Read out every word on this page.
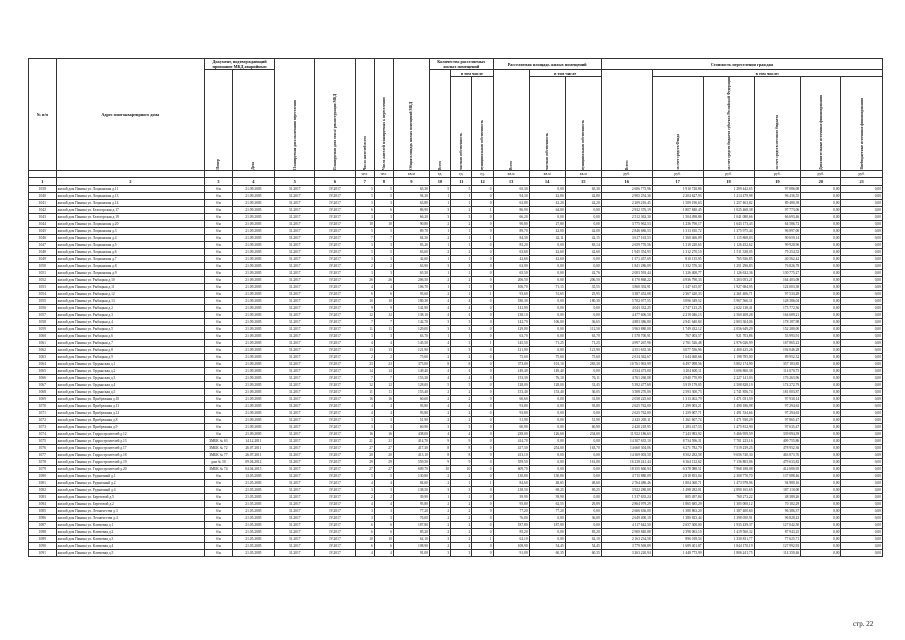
№ п/п	Адрес многоквартирного дома	Документ, подтверждающий признание МКД аварийным		Планируемая дата окончания переселения	Планируемая дата сноса/ реконструкции МКД	Число жителей всего	Число жителей планируемых к переселению	Общая площадь жилых помещений МКД	Количество расселяемых жилых помещений			Расселяемая площадь жилых помещений			Стоимость переселения граждан					

		Номер	Дата						Всего	в том числе		Всего	в том числе		Всего:	в том числе:				

										частная собственность	муниципальная собственность		частная собственность	муниципальная собственность		за счет средств Фонда	за счет средств бюджета субъекта Российской Федерации	за счет средств местного бюджета	Дополнительные источники финансирования	Внебюджетные источники финансирования

						чел.	чел.	кв.м	ед.	ед.	ед.	кв.м	кв.м	кв.м	руб.	руб.	руб.	руб.	руб.	руб.
1	2	3	4	5	6	7	8	9	10	11	12	13	14	15	16	17	18	19	20	21
1039	жилой дом Панина ул. Лоцманская д.11	б/н	21.09.2005	31.2017	IV.2017	5	5	65,30	5	5	0	65,30	0,00	65,30	2 606 775,96	1 910 720,86	1 209 442,65	97 086,08	0,00	0,00
1040	жилой дом Панина ул. Лоцманская д.13	б/н	21.09.2005	31.2017	IV.2017	5	5	94,30	1	1	0	94,30	42,80	42,80	2 905 254,36	2 204 627,93	1 214 479,98	96 436,55	0,00	0,00
1041	жилой дом Панина ул. Лоцманская д.14	б/н	21.09.2005	31.2017	IV.2017	3	3	63,80	1	1	0	63,80	42,20	42,20	2 209 216,45	1 509 190,63	1 257 463,82	89 480,39	0,00	0,00
1042	жилой дом Панина ул. Белогорская д.17	б/н	21.09.2005	31.2017	IV.2017	6	6	86,90	3	2	1	86,90	64,00	0,00	2 932 376,19	1 807 840,45	1 025 468,38	97 773,06	0,00	0,00
1043	жилой дом Панина ул. Белогорская д.19	б/н	21.09.2005	31.2017	IV.2017	3	3	66,20	3	3	0	66,20	0,00	0,00	2 512 363,30	1 504 498,86	1 041 080,66	66 693,46	0,00	0,00
1044	жилой дом Панина ул. Лоцманская д.20	б/н	21.09.2005	31.2017	IV.2017	10	10	90,80	2	2	0	90,80	27,80	0,00	3 775 962,53	1 236 790,17	1 643 173,43	64 586,72	0,00	0,00
1045	жилой дом Панина ул. Лоцманская д.3	б/н	21.09.2005	31.2017	IV.2017	5	5	89,70	1	1	0	89,70	42,00	42,00	2 846 686,53	1 313 810,72	1 375 975,44	96 897,00	0,00	0,00
1046	жилой дом Панина ул. Лоцманская д.4	б/н	21.09.2005	31.2017	IV.2017	7	7	84,30	2	1	1	84,30	42,11	42,15	3 617 163,53	1 360 466,09	1 115 868,03	90 659,14	0,00	0,00
1047	жилой дом Панина ул. Лоцманская д.5	б/н	21.09.2005	31.2017	IV.2017	3	3	83,20	1	1	0	83,20	0,00	83,14	2 659 770,56	1 310 220,65	1 126 452,62	99 920,96	0,00	0,00
1048	жилой дом Панина ул. Лоцманская д.6	б/н	21.09.2005	31.2017	IV.2017	5	5	63,60	2	2	0	63,60	42,60	42,60	1 945 354,93	1 312 270,10	1 511 338,05	79 254,52	0,00	0,00
1049	жилой дом Панина ул. Лоцманская д.7	б/н	21.09.2005	31.2017	IV.2017	3	3	42,60	1	1	0	42,60	42,60	0,00	1 371 457,69	810 135,95	765 926,85	40 562,42	0,00	0,00
1050	жилой дом Панина ул. Лоцманская д.8	б/н	21.09.2005	31.2017	IV.2017	2	2	63,90	3	3	0	63,90	0,00	0,00	1 841 286,09	1 332 576,34	1 251 296,83	76 826,78	0,00	0,00
1051	жилой дом Панина ул. Лоцманская д.9	б/н	21.09.2005	31.2017	IV.2017	3	3	65,50	1	1	0	65,50	0,00	42,76	2 003 593,44	1 326 400,77	1 126 632,36	130 775,27	0,00	0,00
1052	жилой дом Панина ул. Рыбацкая д.10	б/н	21.09.2005	31.2017	IV.2017	26	26	206,50	2	2	0	206,50	0,00	206,50	6 170 868,22	4 936 790,33	3 203 053,21	164 403,08	0,00	0,00
1053	жилой дом Панина ул. Рыбацкая д.11	б/н	21.09.2005	31.2017	IV.2017	4	4	106,70	1	1	0	106,70	71,15	35,55	3 860 392,91	1 547 615,07	1 927 684,95	124 003,38	0,00	0,00
1054	жилой дом Панина ул. Рыбацкая д.12	б/н	21.09.2005	31.2017	IV.2017	6	6	93,60	2	1	1	93,60	51,65	25,95	3 387 452,08	2 367 420,33	2 261 406,71	97 533,28	0,00	0,00
1055	жилой дом Панина ул. Рыбацкая д.13	б/н	21.09.2005	31.2017	IV.2017	10	10	180,30	4	4	0	180,30	0,00	180,30	5 702 077,55	3 096 349,52	3 967 566,31	128 386,04	0,00	0,00
1056	жилой дом Панина ул. Рыбацкая д.2	б/н	21.09.2005	31.2017	IV.2017	9	9	141,90	4	4	0	141,90	0,00	0,00	4 043 332,25	2 747 123,25	2 622 138,41	173 772,36	0,00	0,00
1057	жилой дом Панина ул. Рыбацкая д.3	б/н	21.09.2005	31.2017	IV.2017	12	12	138,10	4	4	0	138,10	0,00	0,00	4 477 606,50	2 219 046,13	2 560 408,28	164 689,21	0,00	0,00
1058	жилой дом Панина ул. Рыбацкая д.4	б/н	21.09.2005	31.2017	IV.2017	7	7	142,70	3	3	0	142,70	106,00	36,65	4 883 386,80	2 941 640,84	2 803 304,06	178 187,98	0,00	0,00
1059	жилой дом Панина ул. Рыбацкая д.5	б/н	21.09.2005	31.2017	IV.2017	11	11	129,00	3	3	0	129,00	0,00	112,50	3 963 880,00	1 749 432,12	2 056 649,29	152 280,00	0,00	0,00
1060	жилой дом Панина ул. Рыбацкая д.6	б/н	21.09.2005	31.2017	IV.2017	3	3	63,70	1	1	0	63,70	0,00	63,70	1 578 700,91	767 003,57	921 703,86	53 993,91	0,00	0,00
1061	жилой дом Панина ул. Рыбацкая д.7	б/н	21.09.2005	31.2017	IV.2017	4	4	145,50	4	3	1	145,50	71,25	71,25	4 997 267,96	2 761 526,48	2 976 026,99	167 865,23	0,00	0,00
1062	жилой дом Панина ул. Рыбацкая д.8	б/н	21.09.2005	31.2017	IV.2017	13	13	121,90	3	3	0	121,90	0,00	121,90	4 351 635,36	3 077 556,96	2 400 425,26	192 046,28	0,00	0,00
1063	жилой дом Панина ул. Рыбацкая д.9	б/н	21.09.2005	31.2017	IV.2017	2	2	75,60	2	2	0	75,60	75,60	75,60	2 614 362,67	1 644 460,66	1 198 785,00	89 952,32	0,00	0,00
1064	жилой дом Панина ул. Ордынская д.1	б/н	21.09.2005	31.2017	IV.2017	23	23	373,00	8	8	0	373,00	101,10	283,30	10 761 963,99	6 497 098,56	5 802 174,90	357 183,85	0,00	0,00
1065	жилой дом Панина ул. Ордынская д.2	б/н	21.09.2005	31.2017	IV.2017	14	14	149,40	4	4	0	149,40	149,40	0,00	4 534 473,00	3 204 600,11	3 006 860,38	114 070,75	0,00	0,00
1066	жилой дом Панина ул. Ордынская д.3	б/н	21.09.2005	31.2017	IV.2017	7	7	153,30	4	4	0	153,30	76,10	76,11	4 761 260,08	2 940 770,99	2 227 141,03	176 263,96	0,00	0,00
1067	жилой дом Панина ул. Ордынская д.4	б/н	21.09.2005	31.2017	IV.2017	12	12	128,00	5	5	0	128,00	128,00	31,45	5 392 477,69	3 919 179,05	2 508 828,19	174 272,79	0,00	0,00
1068	жилой дом Панина ул. Ордынская д.5	б/н	21.09.2005	31.2017	IV.2017	11	11	153,40	2	2	0	153,40	153,40	36,05	3 508 270,00	2 593 300,73	2 741 856,74	181 003,87	0,00	0,00
1069	жилой дом Панина ул. Прибрежная д.10	б/н	21.09.2005	31.2017	IV.2017	16	16	60,60	2	2	0	60,60	0,00	31,00	2 038 225,60	1 313 402,79	1 471 031,59	97 930,14	0,00	0,00
1070	жилой дом Панина ул. Прибрежная д.11	б/н	21.09.2005	31.2017	IV.2017	4	4	93,80	4	4	0	93,80	0,00	93,80	2 625 762,00	1 299 003,21	1 490 186,98	97 294,63	0,00	0,00
1071	жилой дом Панина ул. Прибрежная д.12	б/н	21.09.2005	31.2017	IV.2017	4	4	93,80	2	2	0	93,80	0,00	0,00	2 625 762,00	1 259 007,71	1 491 534,66	97 294,63	0,00	0,00
1072	жилой дом Панина ул. Прибрежная д.8	б/н	21.09.2005	31.2017	IV.2017	3	3	51,90	2	2	0	51,90	0,00	51,90	2 425 205,11	1 261 607,74	1 471 930,29	97 865,47	0,00	0,00
1073	жилой дом Панина ул. Прибрежная д.9	б/н	21.09.2005	31.2017	IV.2017	3	3	60,90	3	3	0	60,90	0,00	60,90	2 420 218,95	1 283 417,53	1 475 812,90	97 635,47	0,00	0,00
1074	жилой дом Панина ул. Гидростроителей д.12	б/н	21.09.2005	31.2017	IV.2017	16	16	438,00	4	4	0	238,00	126,60	234,00	11 922 186,63	7 243 983,92	5 466 959,59	339 094,39	0,00	0,00
1075	жилой дом Панина ул. Гидростроителей д.13	ЗМБК № 63	14.12.2011	31.2017	IV.2017	21	21	414,70	9	9	0	414,70	0,00	0,00	14 307 635,10	8 734 596,31	7 701 223,16	409 755,86	0,00	0,00
1076	жилой дом Панина ул. Гидростроителей д.17	ЗМБК № 72	26.07.2011	31.2017	IV.2017	27	27	417,30	8	8	0	417,30	254,00	163,70	14 660 304,06	6 271 782,79	7 519 239,25	478 952,36	0,00	0,00
1077	жилой дом Панина ул. Гидростроителей д.18	ЗМБК № 77	26.07.2011	31.2017	IV.2017	20	20	413,10	8	8	0	413,10	0,00	0,00	14 369 003,50	8 502 282,58	9 656 740,30	463 873,76	0,00	0,00
1078	жилой дом Панина ул. Гидростроителей д.19	дом № 50	09.04.2012	31.2017	IV.2017	29	29	559,50	9	9	0	559,50	0,00	161,00	16 238 241,44	6 364 132,62	7 136 805,06	479 633,82	0,00	0,00
1079	жилой дом Панина ул. Гидростроителей д.20	ЗМБК № 74	04.04.2015	31.2017	IV.2017	27	27	609,70	10	10	0	609,70	0,00	0,00	18 355 660,94	6 378 088,51	7 968 188,08	412 680,95	0,00	0,00
1080	жилой дом Панина ул. Рудничный д.1	б/н	13.05.2005	31.2017	IV.2017	5	5	130,80	2	2	0	130,80	130,80	0,00	4 715 880,09	2 818 853,04	2 300 770,70	137 088,46	0,00	0,00
1081	жилой дом Панина ул. Рудничный д.2	б/н	21.05.2005	31.2017	IV.2017	4	4	84,60	2	1	1	84,60	48,65	48,60	2 764 486,46	1 804 360,71	1 473 978,96	94 980,16	0,00	0,00
1082	жилой дом Панина ул. Рудничный д.4	б/н	21.05.2005	31.2017	IV.2017	3	3	138,50	3	3	0	138,50	69,25	69,25	3 922 280,00	1 498 282,01	2 890 165,65	187 110,00	0,00	0,00
1083	жилой дом Панина ул. Береговой д.5	б/н	21.05.2005	31.2017	IV.2017	2	2	39,90	1	1	0	39,90	39,90	0,00	1 317 635,24	805 497,84	760 273,22	48 380,26	0,00	0,00
1084	жилой дом Панина ул. Береговой д.2	б/н	21.05.2005	31.2017	IV.2017	4	4	95,80	2	2	0	95,80	62,55	29,89	2 864 979,29	1 865 685,29	1 305 000,12	70 102,29	0,00	0,00
1085	жилой дом Панина ул. Лесничества д.3	б/н	21.05.2005	31.2017	IV.2017	3	3	77,20	2	2	0	77,20	77,20	0,00	2 666 636,00	1 380 863,20	1 387 400,60	96 386,37	0,00	0,00
1086	жилой дом Панина ул. Лесничества д.4	б/н	21.05.2005	31.2017	IV.2017	3	3	76,00	2	2	0	76,00	0,00	36,00	2 649 400,10	1 380 823,44	1 398 050,91	96 828,43	0,00	0,00
1087	жилой дом Панина ул. Ключевая д.1	б/н	21.05.2005	31.2017	IV.2017	6	6	187,80	2	2	0	187,80	187,80	0,00	4 117 642,50	2 657 300,00	1 935 439,37	127 042,50	0,00	0,00
1088	жилой дом Панина ул. Ключевая д.2	б/н	21.05.2005	31.2017	IV.2017	6	6	85,20	2	2	0	85,20	0,00	85,20	2 900 840,88	2 398 063,10	1 419 560,32	87 943,25	0,00	0,00
1089	жилой дом Панина ул. Ключевая д.3	б/н	21.05.2005	31.2017	IV.2017	10	10	62,10	3	2	1	62,10	0,00	62,10	2 163 234,58	896 018,54	1 330 831,77	77 625,71	0,00	0,00
1090	жилой дом Панина ул. Ключевая д.4	б/н	21.05.2005	31.2017	IV.2017	6	6	108,90	2	2	0	108,90	54,45	54,45	3 779 569,89	1 689 401,87	1 844 170,19	127 992,93	0,00	0,00
1091	жилой дом Панина ул. Ключевая д.5	б/н	21.05.2005	31.2017	IV.2017	4	4	91,00	3	3	0	91,00	60,35	60,35	3 263 220,94	1 448 773,99	1 806 241,75	114 350,46	0,00	0,00
стр. 22
